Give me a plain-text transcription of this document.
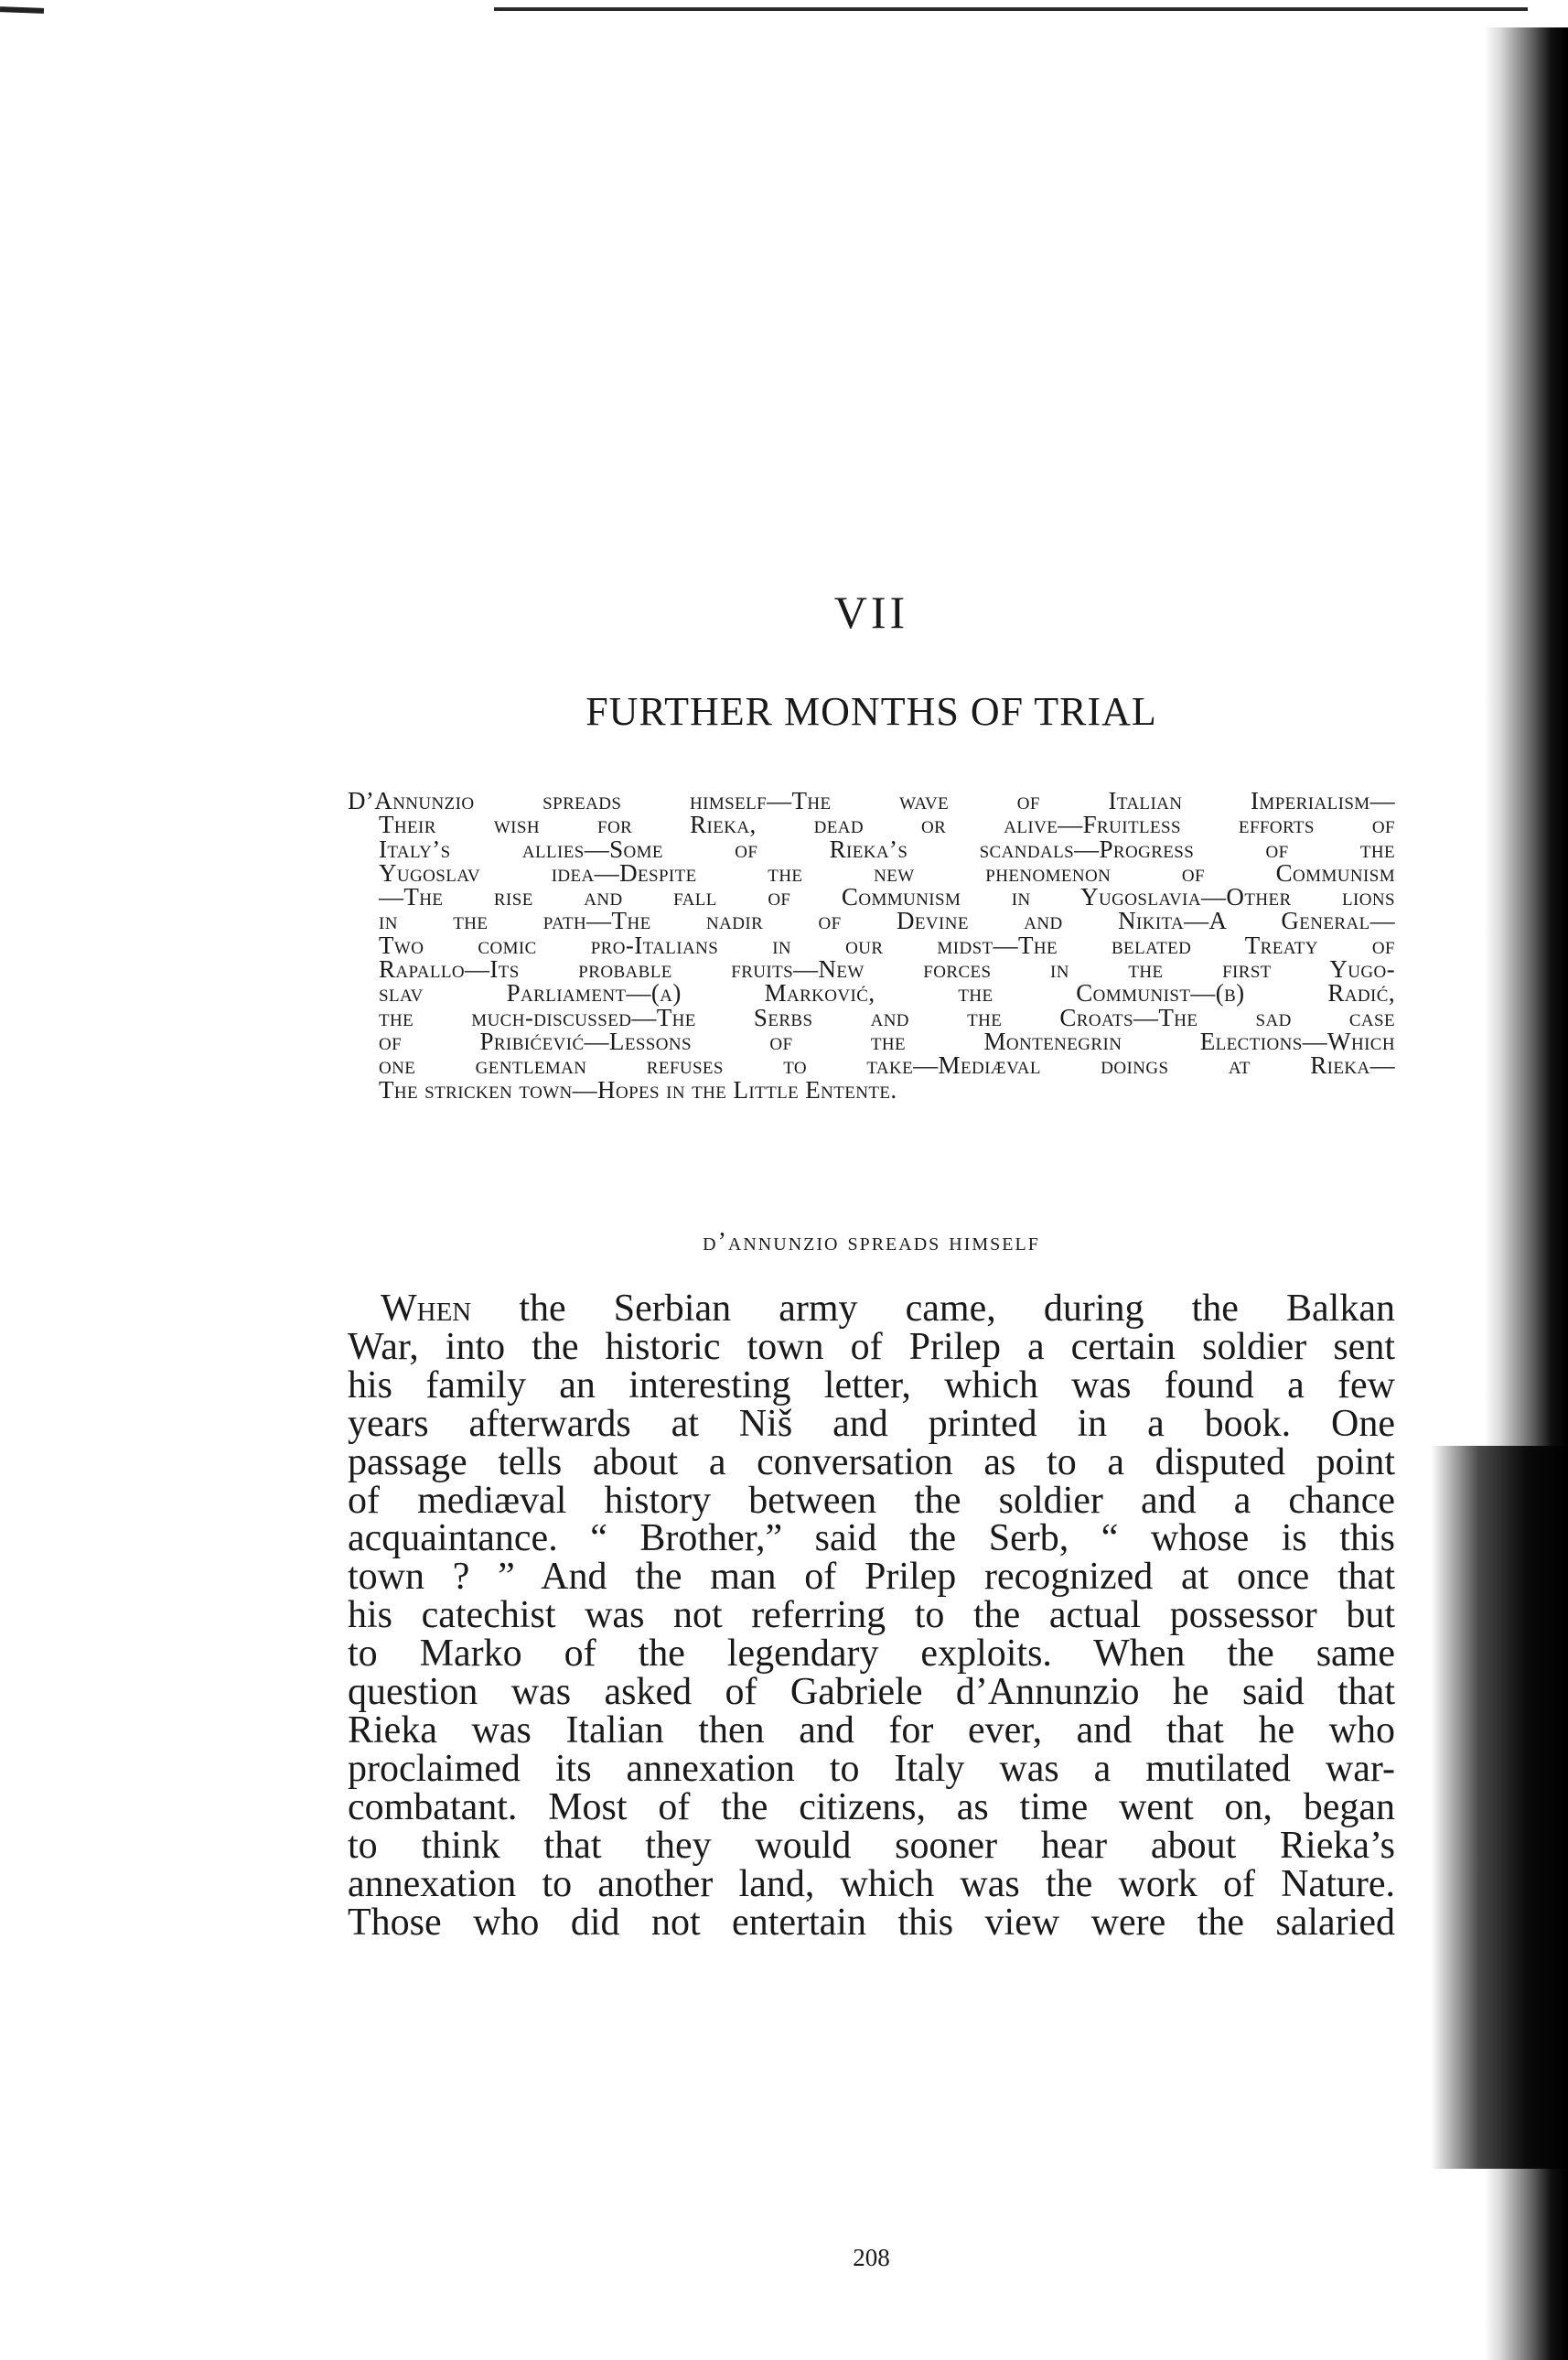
VII
FURTHER MONTHS OF TRIAL
D’Annunzio spreads himself—The wave of Italian Imperialism—
Their wish for Rieka, dead or alive—Fruitless efforts of
Italy’s allies—Some of Rieka’s scandals—Progress of the
Yugoslav idea—Despite the new phenomenon of Communism
—The rise and fall of Communism in Yugoslavia—Other lions
in the path—The nadir of Devine and Nikita—A General—
Two comic pro-Italians in our midst—The belated Treaty of
Rapallo—Its probable fruits—New forces in the first Yugo-
slav Parliament—(a) Marković, the Communist—(b) Radić,
the much-discussed—The Serbs and the Croats—The sad case
of Pribićević—Lessons of the Montenegrin Elections—Which
one gentleman refuses to take—Mediæval doings at Rieka—
The stricken town—Hopes in the Little Entente.
d’annunzio spreads himself
When the Serbian army came, during the Balkan
War, into the historic town of Prilep a certain soldier sent
his family an interesting letter, which was found a few
years afterwards at Niš and printed in a book. One
passage tells about a conversation as to a disputed point
of mediæval history between the soldier and a chance
acquaintance. “ Brother,” said the Serb, “ whose is this
town ? ” And the man of Prilep recognized at once that
his catechist was not referring to the actual possessor but
to Marko of the legendary exploits. When the same
question was asked of Gabriele d’Annunzio he said that
Rieka was Italian then and for ever, and that he who
proclaimed its annexation to Italy was a mutilated war-
combatant. Most of the citizens, as time went on, began
to think that they would sooner hear about Rieka’s
annexation to another land, which was the work of Nature.
Those who did not entertain this view were the salaried
208
